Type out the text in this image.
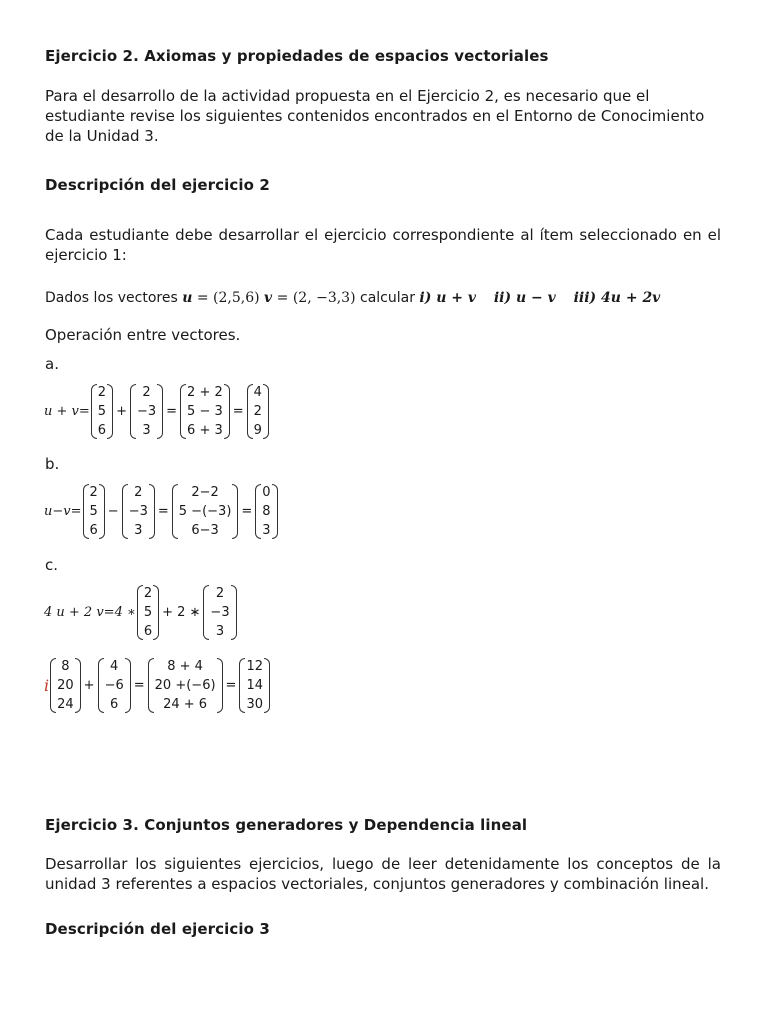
Ejercicio 2. Axiomas y propiedades de espacios vectoriales
Para el desarrollo de la actividad propuesta en el Ejercicio 2, es necesario que el estudiante revise los siguientes contenidos encontrados en el Entorno de Conocimiento de la Unidad 3.
Descripción del ejercicio 2
Cada estudiante debe desarrollar el ejercicio correspondiente al ítem seleccionado en el ejercicio 1:
Dados los vectores u = (2,5,6) v = (2, −3,3) calcular i) u + v ii) u − v iii) 4u + 2v
Operación entre vectores.
a.
u + v=
2
5
6
+
2
−3
3
=
2 + 2
5 − 3
6 + 3
=
4
2
9
b.
u−v=
2
5
6
−
2
−3
3
=
2−2
5 −(−3)
6−3
=
0
8
3
c.
4 u + 2 v=4 ∗
2
5
6
+ 2 ∗
2
−3
3
i
8
20
24
+
4
−6
6
=
8 + 4
20 +(−6)
24 + 6
=
12
14
30
Ejercicio 3. Conjuntos generadores y Dependencia lineal
Desarrollar los siguientes ejercicios, luego de leer detenidamente los conceptos de la unidad 3 referentes a espacios vectoriales, conjuntos generadores y combinación lineal.
Descripción del ejercicio 3
